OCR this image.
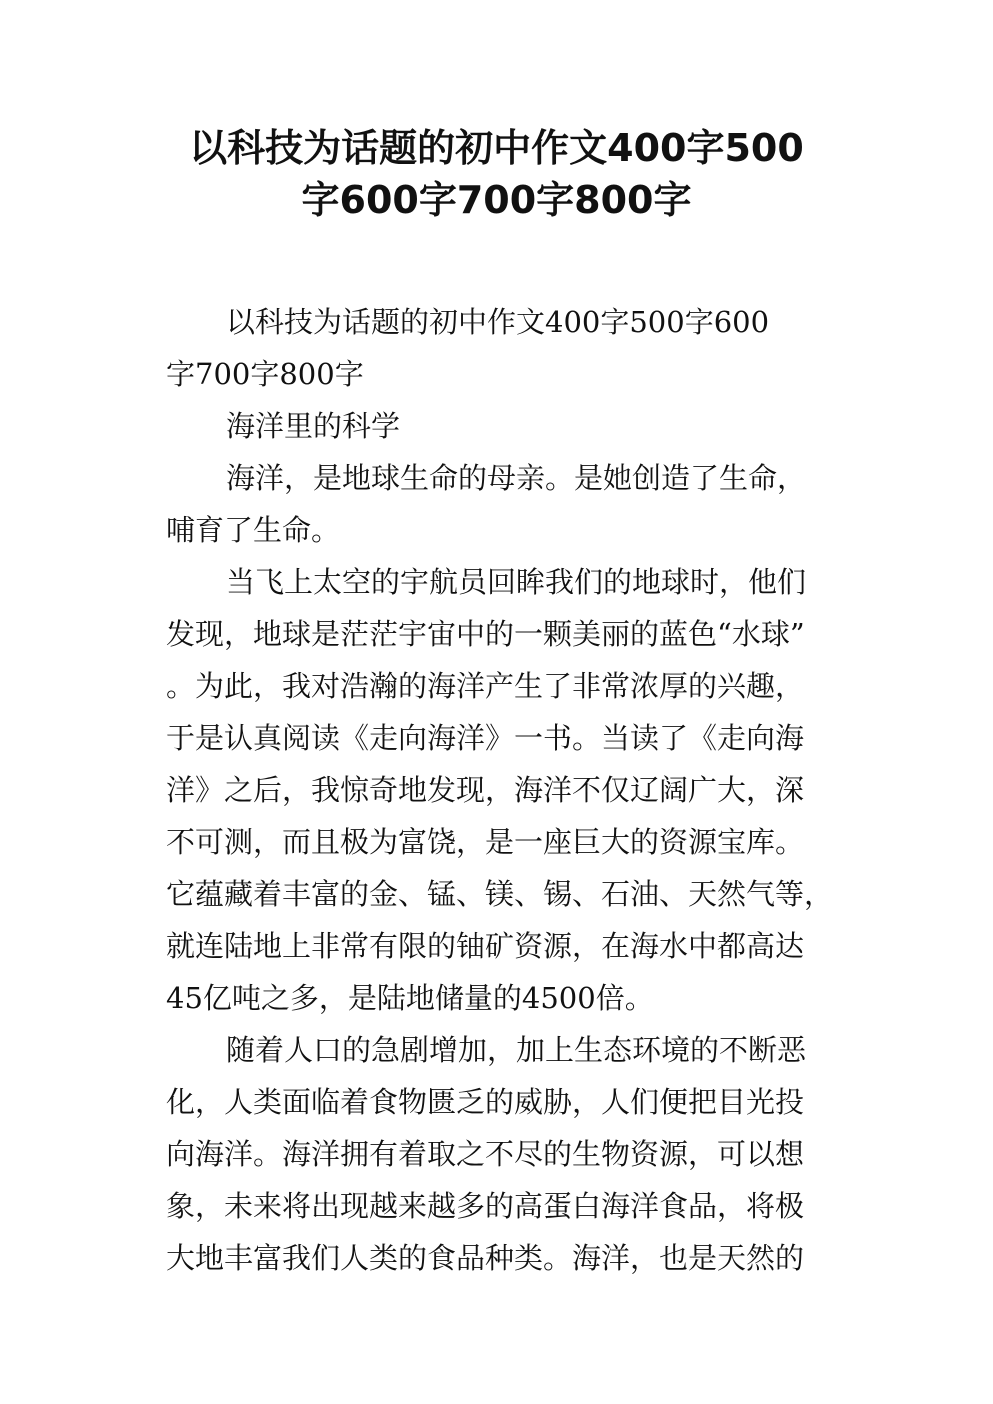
以科技为话题的初中作文400字500
字600字700字800字
以科技为话题的初中作文400字500字600
字700字800字
海洋里的科学
海洋，是地球生命的母亲。是她创造了生命，
哺育了生命。
当飞上太空的宇航员回眸我们的地球时，他们
发现，地球是茫茫宇宙中的一颗美丽的蓝色“水球”
。为此，我对浩瀚的海洋产生了非常浓厚的兴趣，
于是认真阅读《走向海洋》一书。当读了《走向海
洋》之后，我惊奇地发现，海洋不仅辽阔广大，深
不可测，而且极为富饶，是一座巨大的资源宝库。
它蕴藏着丰富的金、锰、镁、锡、石油、天然气等，
就连陆地上非常有限的铀矿资源，在海水中都高达
45亿吨之多，是陆地储量的4500倍。
随着人口的急剧增加，加上生态环境的不断恶
化，人类面临着食物匮乏的威胁，人们便把目光投
向海洋。海洋拥有着取之不尽的生物资源，可以想
象，未来将出现越来越多的高蛋白海洋食品，将极
大地丰富我们人类的食品种类。海洋，也是天然的
